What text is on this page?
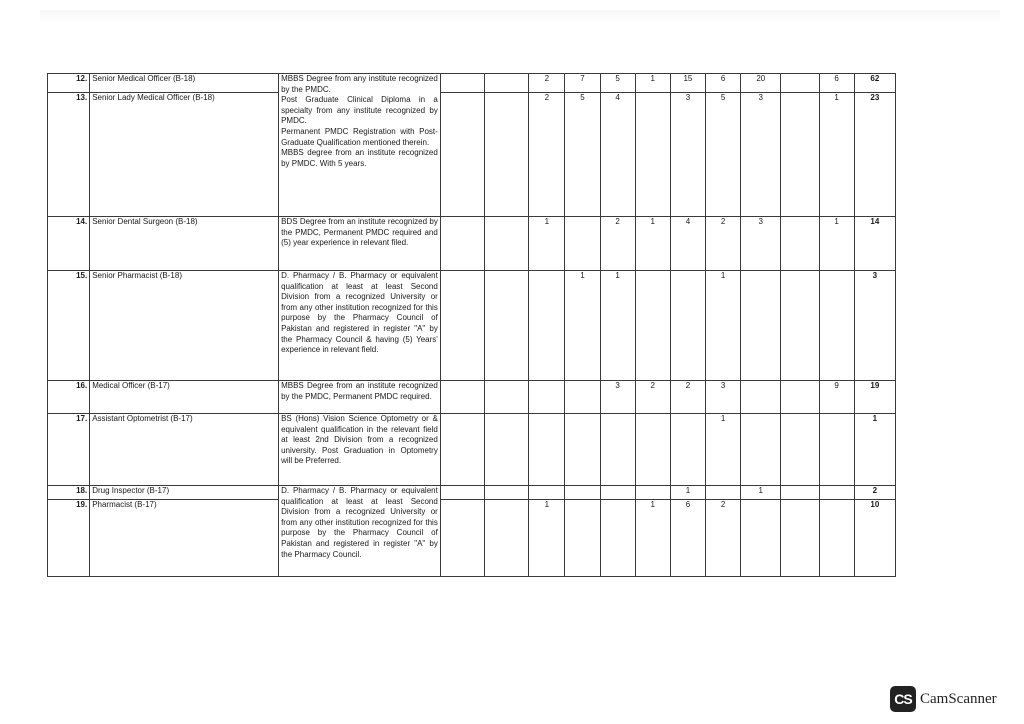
12.	Senior Medical Officer (B-18)	MBBS Degree from any institute recognized by the PMDC.

Post Graduate Clinical Diploma in a specialty from any institute recognized by PMDC.

Permanent PMDC Registration with Post-Graduate Qualification mentioned therein.

MBBS degree from an institute recognized by PMDC. With 5 years.			2	7	5	1	15	6	20		6	62
13.	Senior Lady Medical Officer (B-18)				2	5	4		3	5	3		1	23
14.	Senior Dental Surgeon (B-18)	BDS Degree from an institute recognized by the PMDC, Permanent PMDC required and (5) year experience in relevant filed.			1		2	1	4	2	3		1	14
15.	Senior Pharmacist (B-18)	D. Pharmacy / B. Pharmacy or equivalent qualification at least at least Second Division from a recognized University or from any other institution recognized for this purpose by the Pharmacy Council of Pakistan and registered in register "A" by the Pharmacy Council & having (5) Years' experience in relevant field.				1	1			1				3
16.	Medical Officer (B-17)	MBBS Degree from an institute recognized by the PMDC, Permanent PMDC required.					3	2	2	3			9	19
17.	Assistant Optometrist (B-17)	BS (Hons) Vision Science Optometry or & equivalent qualification in the relevant field at least 2nd Division from a recognized university. Post Graduation in Optometry will be Preferred.								1				1
18.	Drug Inspector (B-17)	D. Pharmacy / B. Pharmacy or equivalent qualification at least at least Second Division from a recognized University or from any other institution recognized for this purpose by the Pharmacy Council of Pakistan and registered in register "A" by the Pharmacy Council.							1		1			2
19.	Pharmacist (B-17)				1			1	6	2				10
CS CamScanner
